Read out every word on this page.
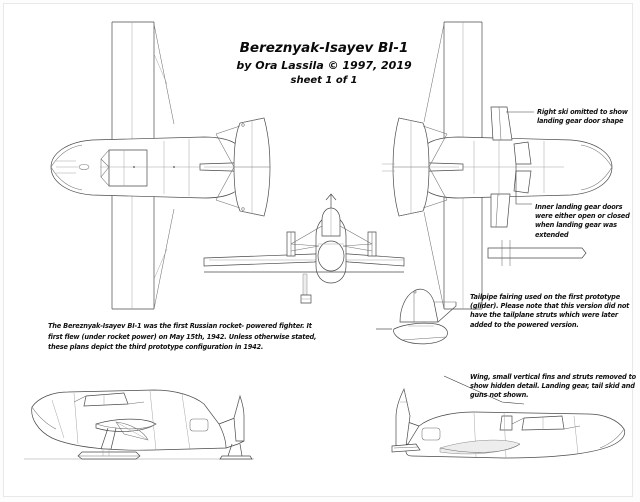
Bereznyak-Isayev BI-1
by Ora Lassila © 1997, 2019
sheet 1 of 1
Right ski omitted to show landing gear door shape
Inner landing gear doors were either open or closed when landing gear was extended
Tailpipe fairing used on the first prototype (glider). Please note that this version did not have the tailplane struts which were later added to the powered version.
Wing, small vertical fins and struts removed to show hidden detail. Landing gear, tail skid and guns not shown.
The Bereznyak-Isayev BI-1 was the first Russian rocket- powered fighter. It first flew (under rocket power) on May 15th, 1942. Unless otherwise stated, these plans depict the third prototype configuration in 1942.
